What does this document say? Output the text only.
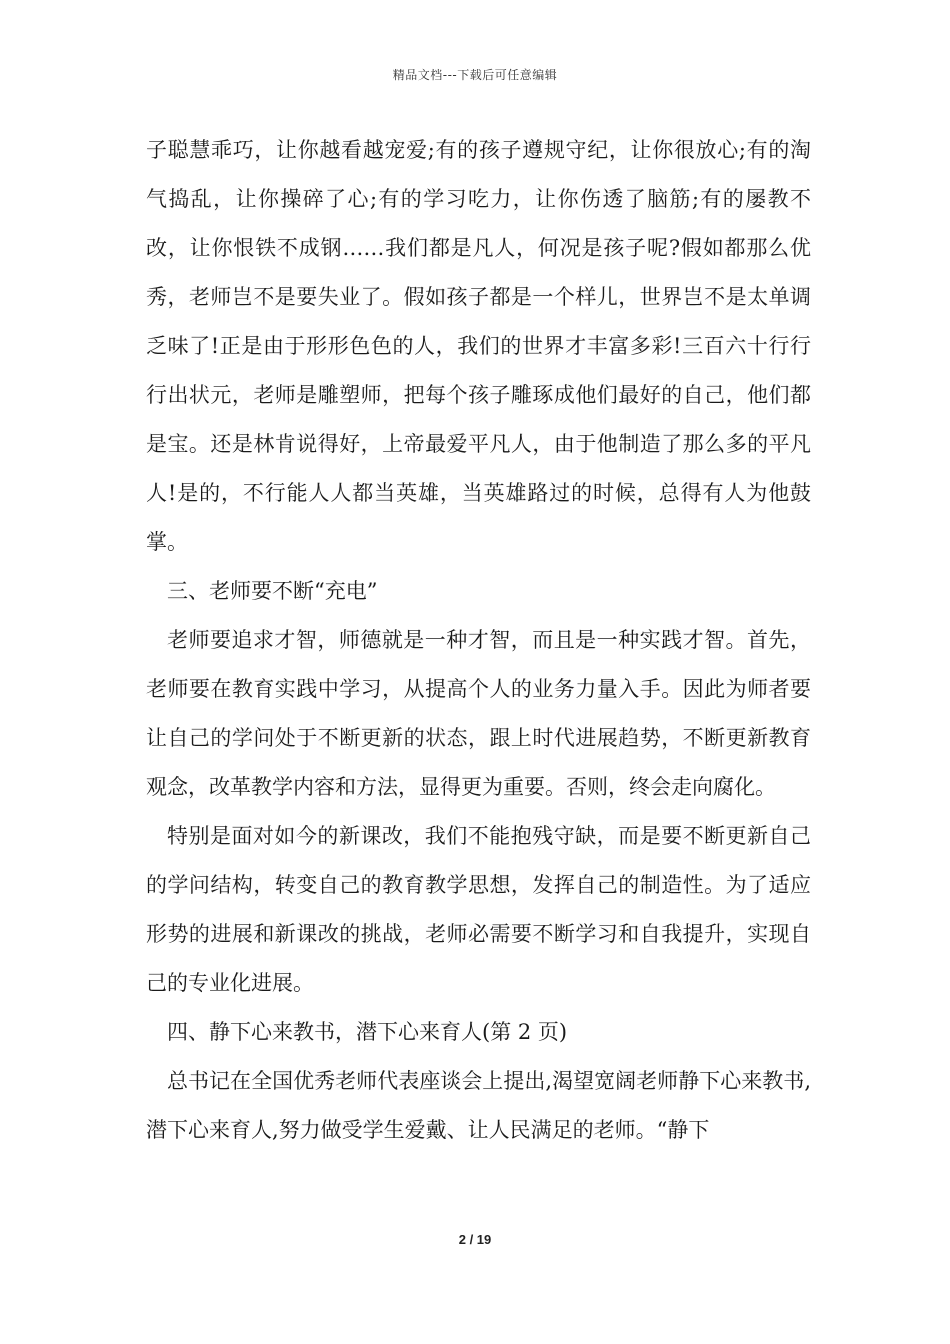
精品文档---下载后可任意编辑

子聪慧乖巧，让你越看越宠爱;有的孩子遵规守纪，让你很放心;有的淘气捣乱，让你操碎了心;有的学习吃力，让你伤透了脑筋;有的屡教不改，让你恨铁不成钢……我们都是凡人，何况是孩子呢?假如都那么优秀，老师岂不是要失业了。假如孩子都是一个样儿，世界岂不是太单调乏味了!正是由于形形色色的人，我们的世界才丰富多彩!三百六十行行行出状元，老师是雕塑师，把每个孩子雕琢成他们最好的自己，他们都是宝。还是林肯说得好，上帝最爱平凡人，由于他制造了那么多的平凡人!是的，不行能人人都当英雄，当英雄路过的时候，总得有人为他鼓掌。

三、老师要不断“充电”

老师要追求才智，师德就是一种才智，而且是一种实践才智。首先，老师要在教育实践中学习，从提高个人的业务力量入手。因此为师者要让自己的学问处于不断更新的状态，跟上时代进展趋势，不断更新教育观念，改革教学内容和方法，显得更为重要。否则，终会走向腐化。

特别是面对如今的新课改，我们不能抱残守缺，而是要不断更新自己的学问结构，转变自己的教育教学思想，发挥自己的制造性。为了适应形势的进展和新课改的挑战，老师必需要不断学习和自我提升，实现自己的专业化进展。

四、静下心来教书，潜下心来育人(第 2 页)

总书记在全国优秀老师代表座谈会上提出,渴望宽阔老师静下心来教书,潜下心来育人,努力做受学生爱戴、让人民满足的老师。“静下

2 / 19
